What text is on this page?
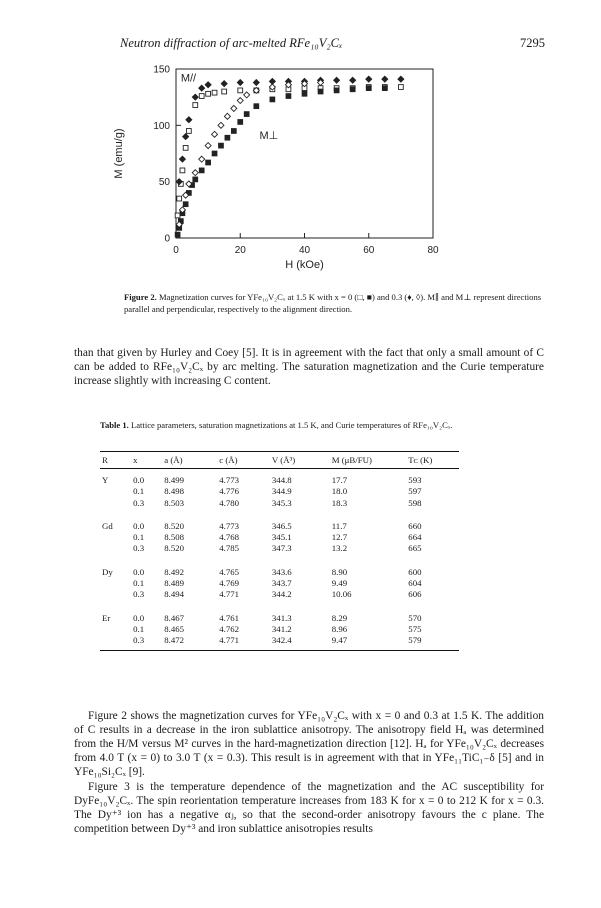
Neutron diffraction of arc-melted RFe₁₀V₂Cₓ	7295
0	20	40	60	80
0
50
100
150
H (kOe)
M (emu/g)
M//
M⊥
Figure 2. Magnetization curves for YFe₁₀V₂Cₓ at 1.5 K with x = 0 (□, ■) and 0.3 (♦, ◊). M∥ and M⊥ represent directions parallel and perpendicular, respectively to the alignment direction.

than that given by Hurley and Coey [5]. It is in agreement with the fact that only a small amount of C can be added to RFe₁₀V₂Cₓ by arc melting. The saturation magnetization and the Curie temperature increase slightly with increasing C content.

Table 1. Lattice parameters, saturation magnetizations at 1.5 K, and Curie temperatures of RFe₁₀V₂Cₓ.
R	x	a (Å)	c (Å)	V (Å³)	M (μB/FU)	Tᴄ (K)
Y	0.0	8.499	4.773	344.8	17.7	593
	0.1	8.498	4.776	344.9	18.0	597
	0.3	8.503	4.780	345.3	18.3	598
Gd	0.0	8.520	4.773	346.5	11.7	660
	0.1	8.508	4.768	345.1	12.7	664
	0.3	8.520	4.785	347.3	13.2	665
Dy	0.0	8.492	4.765	343.6	8.90	600
	0.1	8.489	4.769	343.7	9.49	604
	0.3	8.494	4.771	344.2	10.06	606
Er	0.0	8.467	4.761	341.3	8.29	570
	0.1	8.465	4.762	341.2	8.96	575
	0.3	8.472	4.771	342.4	9.47	579

Figure 2 shows the magnetization curves for YFe₁₀V₂Cₓ with x = 0 and 0.3 at 1.5 K. The addition of C results in a decrease in the iron sublattice anisotropy. The anisotropy field Hₐ was determined from the H/M versus M² curves in the hard-magnetization direction [12]. Hₐ for YFe₁₀V₂Cₓ decreases from 4.0 T (x = 0) to 3.0 T (x = 0.3). This result is in agreement with that in YFe₁₁TiC₁₋δ [5] and in YFe₁₀Si₂Cₓ [9].

Figure 3 is the temperature dependence of the magnetization and the AC susceptibility for DyFe₁₀V₂Cₓ. The spin reorientation temperature increases from 183 K for x = 0 to 212 K for x = 0.3. The Dy⁺³ ion has a negative αⱼ, so that the second-order anisotropy favours the c plane. The competition between Dy⁺³ and iron sublattice anisotropies results
